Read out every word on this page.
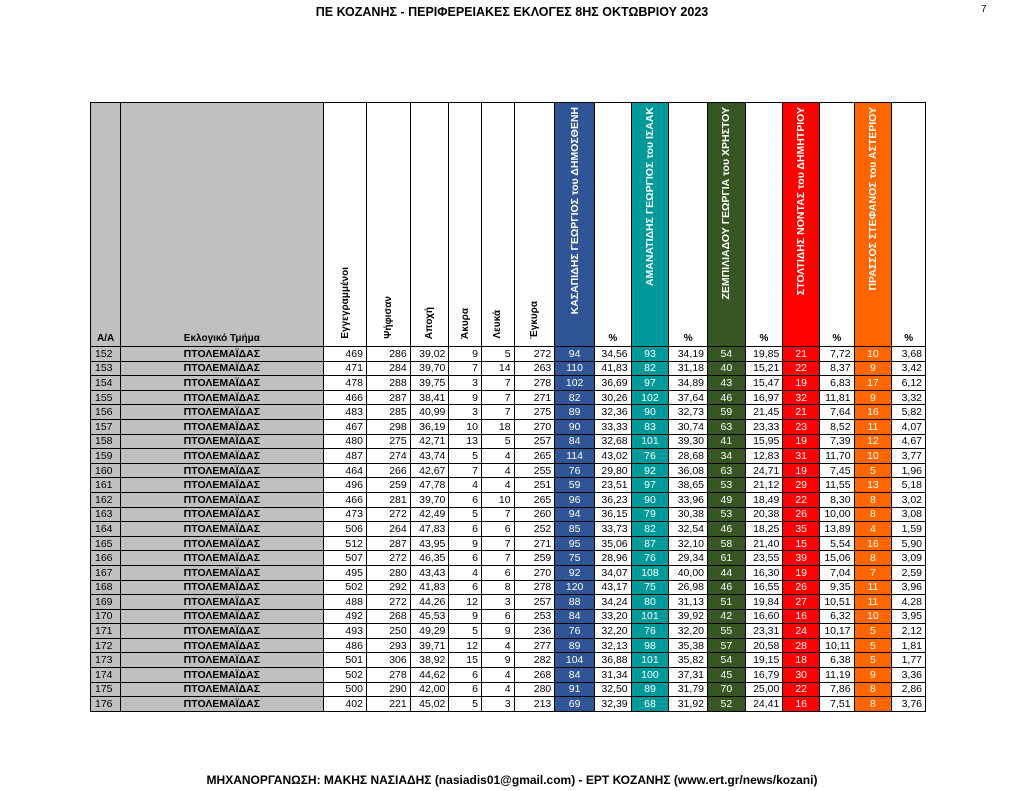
ΠΕ ΚΟΖΑΝΗΣ - ΠΕΡΙΦΕΡΕΙΑΚΕΣ ΕΚΛΟΓΕΣ 8ΗΣ ΟΚΤΩΒΡΙΟΥ 2023	7
Α/Α	Εκλογικό Τμήμα	Εγγεγραμμένοι	Ψήφισαν	Αποχή	Άκυρα	Λευκά	Έγκυρα	ΚΑΣΑΠΙΔΗΣ ΓΕΩΡΓΙΟΣ του ΔΗΜΟΣΘΕΝΗ	%	ΑΜΑΝΑΤΙΔΗΣ ΓΕΩΡΓΙΟΣ του ΙΣΑΑΚ	%	ΖΕΜΠΙΛΙΑΔΟΥ ΓΕΩΡΓΙΑ του ΧΡΗΣΤΟΥ	%	ΣΤΟΛΤΙΔΗΣ ΝΟΝΤΑΣ του ΔΗΜΗΤΡΙΟΥ	%	ΠΡΑΣΣΟΣ ΣΤΕΦΑΝΟΣ του ΑΣΤΕΡΙΟΥ	%
152	ΠΤΟΛΕΜΑΪΔΑΣ	469	286	39,02	9	5	272	94	34,56	93	34,19	54	19,85	21	7,72	10	3,68
153	ΠΤΟΛΕΜΑΪΔΑΣ	471	284	39,70	7	14	263	110	41,83	82	31,18	40	15,21	22	8,37	9	3,42
154	ΠΤΟΛΕΜΑΪΔΑΣ	478	288	39,75	3	7	278	102	36,69	97	34,89	43	15,47	19	6,83	17	6,12
155	ΠΤΟΛΕΜΑΪΔΑΣ	466	287	38,41	9	7	271	82	30,26	102	37,64	46	16,97	32	11,81	9	3,32
156	ΠΤΟΛΕΜΑΪΔΑΣ	483	285	40,99	3	7	275	89	32,36	90	32,73	59	21,45	21	7,64	16	5,82
157	ΠΤΟΛΕΜΑΪΔΑΣ	467	298	36,19	10	18	270	90	33,33	83	30,74	63	23,33	23	8,52	11	4,07
158	ΠΤΟΛΕΜΑΪΔΑΣ	480	275	42,71	13	5	257	84	32,68	101	39,30	41	15,95	19	7,39	12	4,67
159	ΠΤΟΛΕΜΑΪΔΑΣ	487	274	43,74	5	4	265	114	43,02	76	28,68	34	12,83	31	11,70	10	3,77
160	ΠΤΟΛΕΜΑΪΔΑΣ	464	266	42,67	7	4	255	76	29,80	92	36,08	63	24,71	19	7,45	5	1,96
161	ΠΤΟΛΕΜΑΪΔΑΣ	496	259	47,78	4	4	251	59	23,51	97	38,65	53	21,12	29	11,55	13	5,18
162	ΠΤΟΛΕΜΑΪΔΑΣ	466	281	39,70	6	10	265	96	36,23	90	33,96	49	18,49	22	8,30	8	3,02
163	ΠΤΟΛΕΜΑΪΔΑΣ	473	272	42,49	5	7	260	94	36,15	79	30,38	53	20,38	26	10,00	8	3,08
164	ΠΤΟΛΕΜΑΪΔΑΣ	506	264	47,83	6	6	252	85	33,73	82	32,54	46	18,25	35	13,89	4	1,59
165	ΠΤΟΛΕΜΑΪΔΑΣ	512	287	43,95	9	7	271	95	35,06	87	32,10	58	21,40	15	5,54	16	5,90
166	ΠΤΟΛΕΜΑΪΔΑΣ	507	272	46,35	6	7	259	75	28,96	76	29,34	61	23,55	39	15,06	8	3,09
167	ΠΤΟΛΕΜΑΪΔΑΣ	495	280	43,43	4	6	270	92	34,07	108	40,00	44	16,30	19	7,04	7	2,59
168	ΠΤΟΛΕΜΑΪΔΑΣ	502	292	41,83	6	8	278	120	43,17	75	26,98	46	16,55	26	9,35	11	3,96
169	ΠΤΟΛΕΜΑΪΔΑΣ	488	272	44,26	12	3	257	88	34,24	80	31,13	51	19,84	27	10,51	11	4,28
170	ΠΤΟΛΕΜΑΪΔΑΣ	492	268	45,53	9	6	253	84	33,20	101	39,92	42	16,60	16	6,32	10	3,95
171	ΠΤΟΛΕΜΑΪΔΑΣ	493	250	49,29	5	9	236	76	32,20	76	32,20	55	23,31	24	10,17	5	2,12
172	ΠΤΟΛΕΜΑΪΔΑΣ	486	293	39,71	12	4	277	89	32,13	98	35,38	57	20,58	28	10,11	5	1,81
173	ΠΤΟΛΕΜΑΪΔΑΣ	501	306	38,92	15	9	282	104	36,88	101	35,82	54	19,15	18	6,38	5	1,77
174	ΠΤΟΛΕΜΑΪΔΑΣ	502	278	44,62	6	4	268	84	31,34	100	37,31	45	16,79	30	11,19	9	3,36
175	ΠΤΟΛΕΜΑΪΔΑΣ	500	290	42,00	6	4	280	91	32,50	89	31,79	70	25,00	22	7,86	8	2,86
176	ΠΤΟΛΕΜΑΪΔΑΣ	402	221	45,02	5	3	213	69	32,39	68	31,92	52	24,41	16	7,51	8	3,76
ΜΗΧΑΝΟΡΓΑΝΩΣΗ: ΜΑΚΗΣ ΝΑΣΙΑΔΗΣ (nasiadis01@gmail.com) - ΕΡΤ ΚΟΖΑΝΗΣ (www.ert.gr/news/kozani)
